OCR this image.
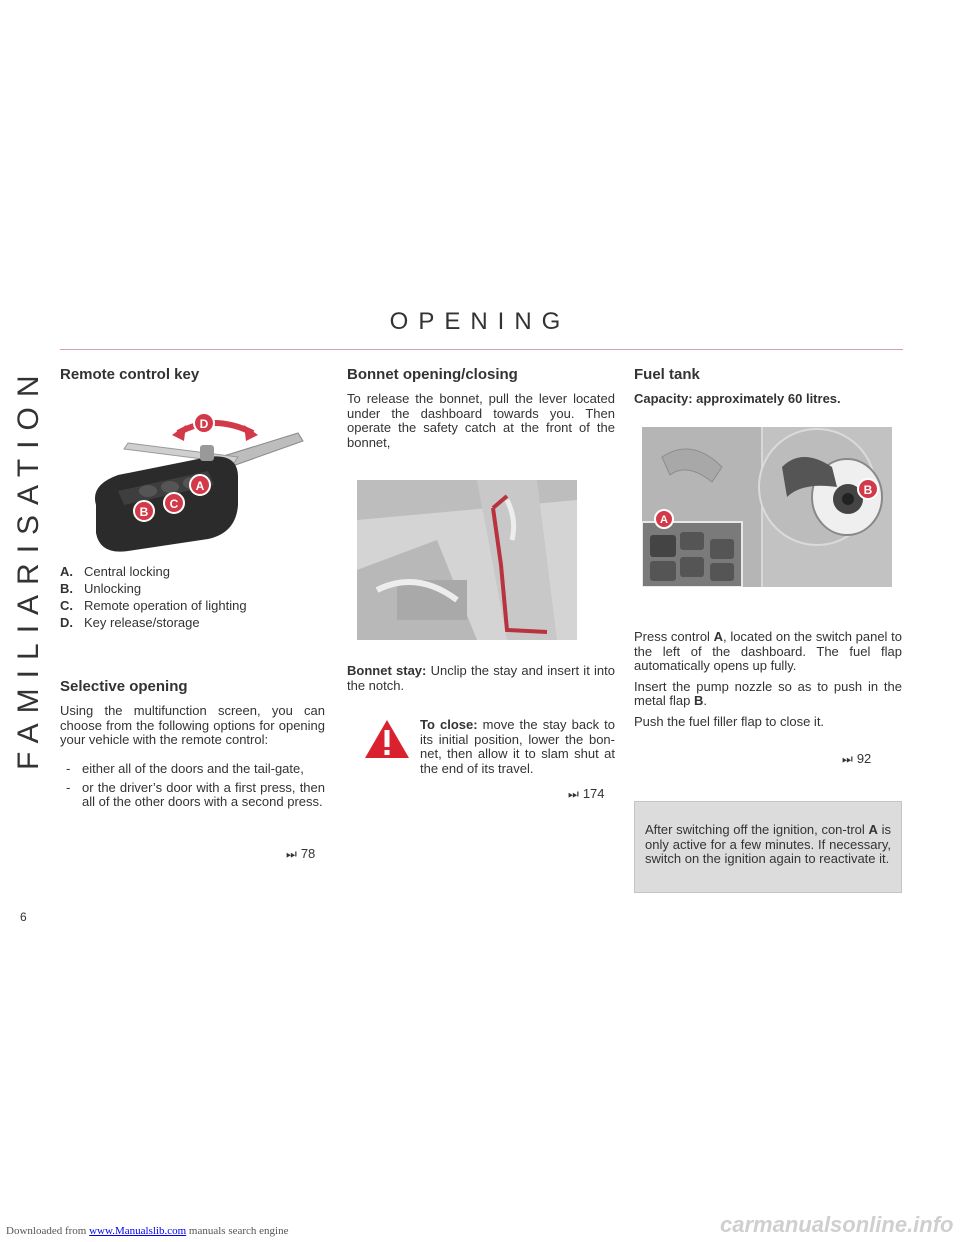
Downloaded from www.Manualslib.com manuals search engine
OPENING
FAMILIARISATION
6
Remote control key
D
A
C
B
A. Central locking
B. Unlocking
C. Remote operation of lighting
D. Key release/storage
Selective opening

Using the multifunction screen, you can choose from the following options for opening your vehicle with the remote control:

- either all of the doors and the tail-gate,
- or the driver’s door with a first press, then all of the other doors with a second press.
⏭ 78
Bonnet opening/closing

To release the bonnet, pull the lever located under the dashboard towards you. Then operate the safety catch at the front of the bonnet,

Bonnet stay: Unclip the stay and insert it into the notch.

To close: move the stay back to its initial position, lower the bon-net, then allow it to slam shut at the end of its travel.

⏭ 174
Fuel tank
Capacity: approximately 60 litres.
A
B

Press control A, located on the switch panel to the left of the dashboard. The fuel flap automatically opens up fully.

Insert the pump nozzle so as to push in the metal flap B.

Push the fuel filler flap to close it.

⏭ 92
After switching off the ignition, con-trol A is only active for a few minutes. If necessary, switch on the ignition again to reactivate it.
carmanualsonline.info
